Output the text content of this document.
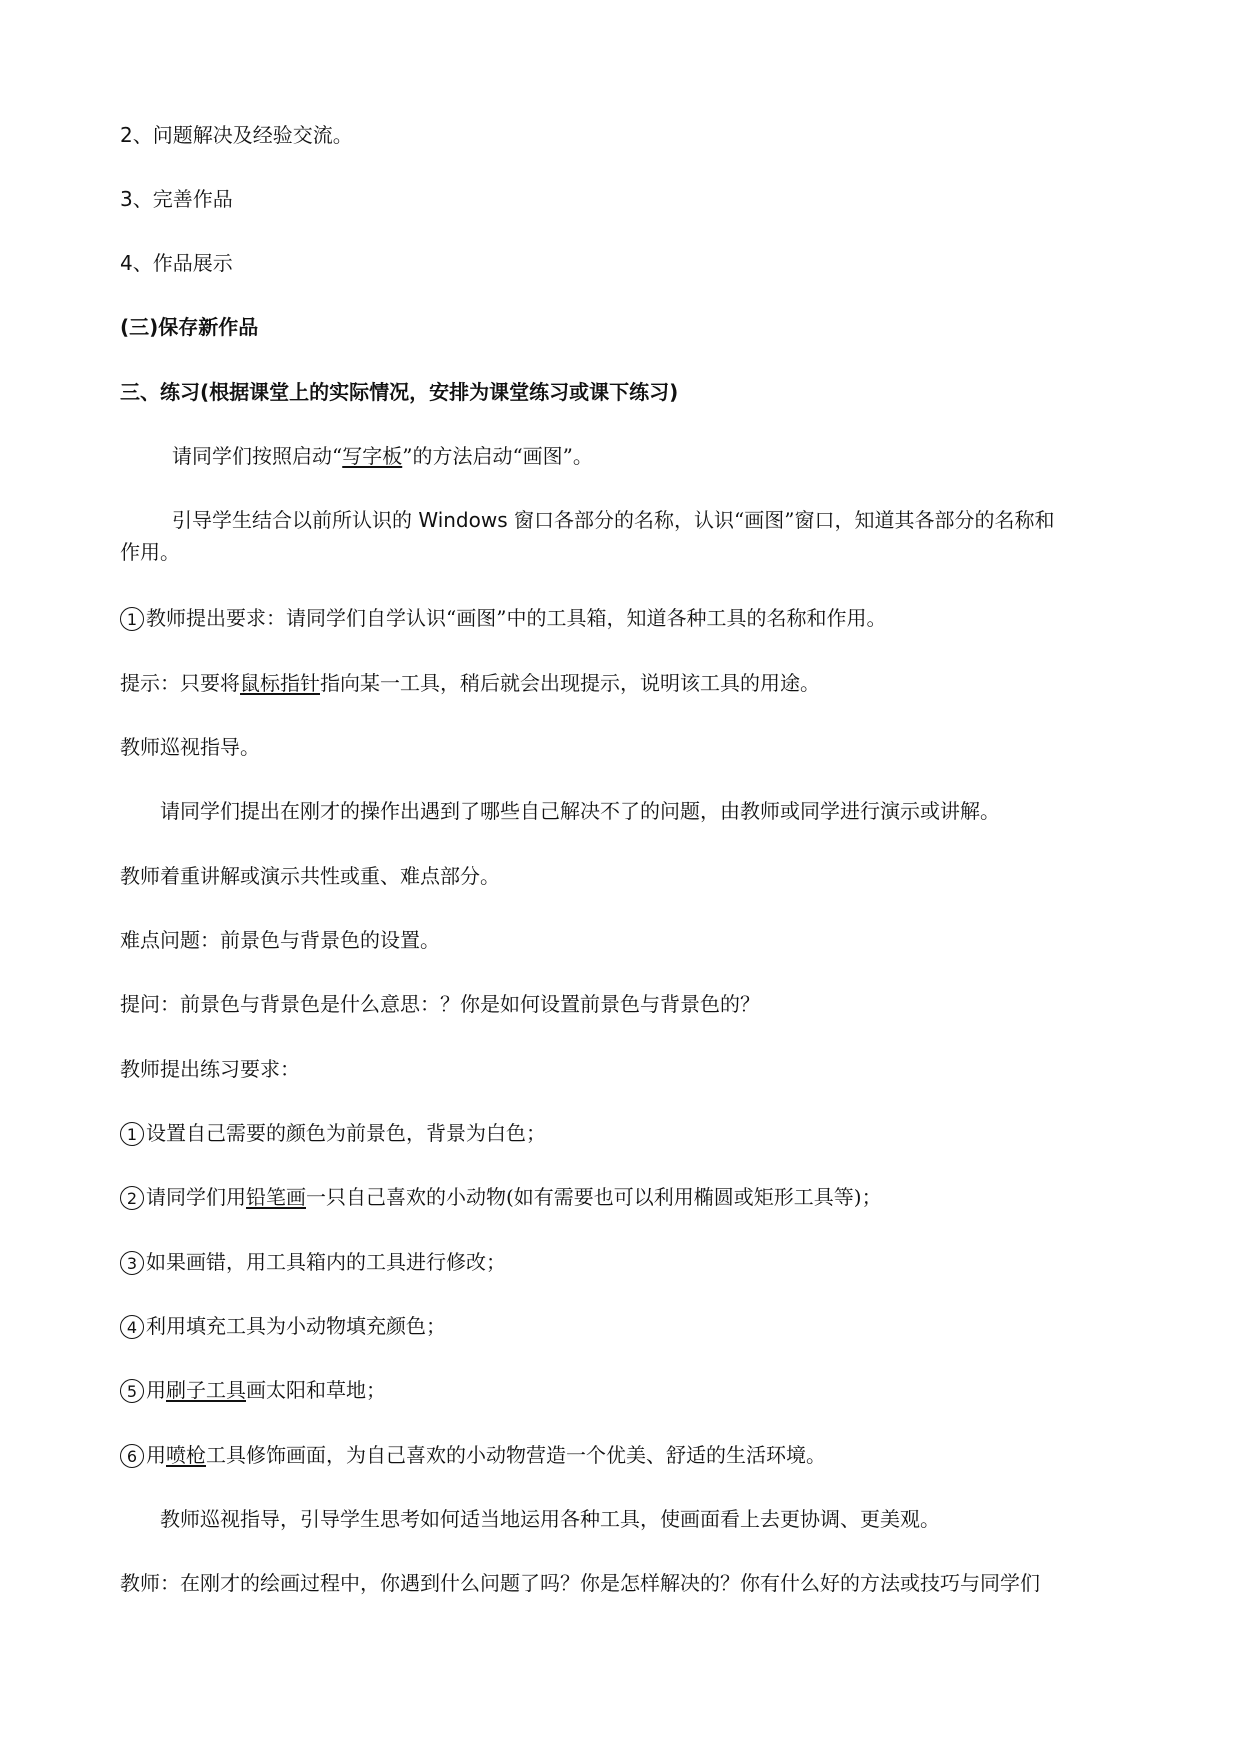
2、问题解决及经验交流。
3、完善作品
4、作品展示
(三)保存新作品
三、练习(根据课堂上的实际情况，安排为课堂练习或课下练习)
请同学们按照启动“写字板”的方法启动“画图”。
引导学生结合以前所认识的 Windows 窗口各部分的名称，认识“画图”窗口，知道其各部分的名称和
作用。
1 教师提出要求：请同学们自学认识“画图”中的工具箱，知道各种工具的名称和作用。
提示：只要将鼠标指针指向某一工具，稍后就会出现提示，说明该工具的用途。
教师巡视指导。
请同学们提出在刚才的操作出遇到了哪些自己解决不了的问题，由教师或同学进行演示或讲解。
教师着重讲解或演示共性或重、难点部分。
难点问题：前景色与背景色的设置。
提问：前景色与背景色是什么意思：？你是如何设置前景色与背景色的？
教师提出练习要求：
1 设置自己需要的颜色为前景色，背景为白色；
2 请同学们用铅笔画一只自己喜欢的小动物(如有需要也可以利用椭圆或矩形工具等)；
3 如果画错，用工具箱内的工具进行修改；
4 利用填充工具为小动物填充颜色；
5 用刷子工具画太阳和草地；
6 用喷枪工具修饰画面，为自己喜欢的小动物营造一个优美、舒适的生活环境。
教师巡视指导，引导学生思考如何适当地运用各种工具，使画面看上去更协调、更美观。
教师：在刚才的绘画过程中，你遇到什么问题了吗？你是怎样解决的？你有什么好的方法或技巧与同学们
